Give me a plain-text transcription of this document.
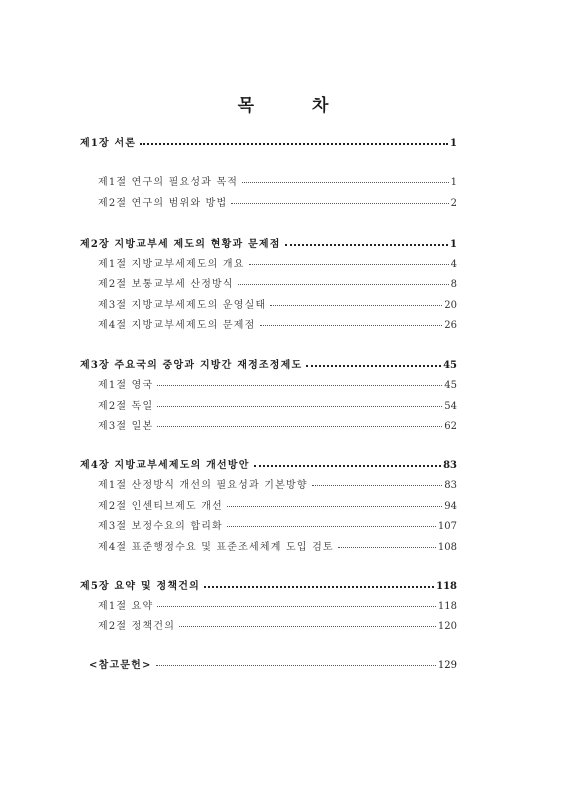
목 차
제1장 서론	1
제1절 연구의 필요성과 목적	1
제2절 연구의 범위와 방법	2
제2장 지방교부세 제도의 현황과 문제점	1
제1절 지방교부세제도의 개요	4
제2절 보통교부세 산정방식	8
제3절 지방교부세제도의 운영실태	20
제4절 지방교부세제도의 문제점	26
제3장 주요국의 중앙과 지방간 재정조정제도	45
제1절 영국	45
제2절 독일	54
제3절 일본	62
제4장 지방교부세제도의 개선방안	83
제1절 산정방식 개선의 필요성과 기본방향	83
제2절 인센티브제도 개선	94
제3절 보정수요의 합리화	107
제4절 표준행정수요 및 표준조세체계 도입 검토	108
제5장 요약 및 정책건의	118
제1절 요약	118
제2절 정책건의	120
<참고문헌>	129
